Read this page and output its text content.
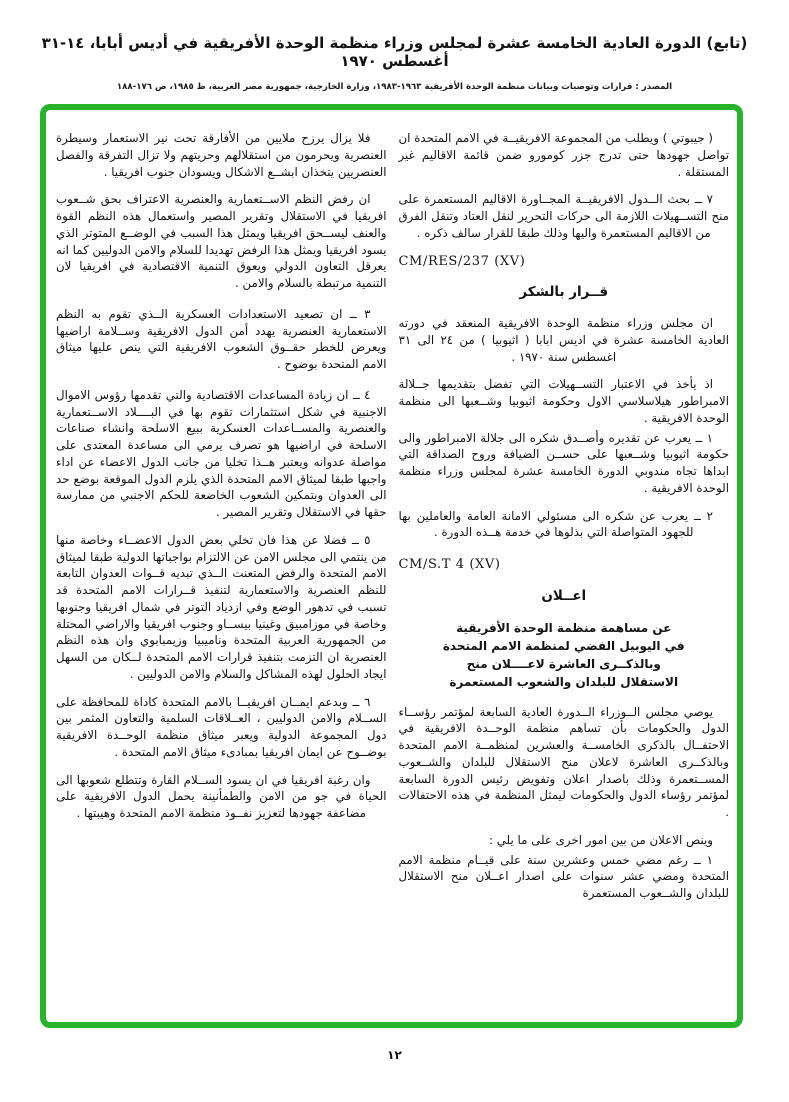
(تابع) الدورة العادية الخامسة عشرة لمجلس وزراء منظمة الوحدة الأفريقية في أديس أبابا، ١٤-٣١ أغسطس ١٩٧٠
المصدر : قرارات وتوصيات وبيانات منظمة الوحدة الأفريقية ١٩٦٣-١٩٨٣، وزارة الخارجية، جمهورية مصر العربية، ط ١٩٨٥، ص ١٧٦-١٨٨

( جيبوتي ) ويطلب من المجموعة الافريقيــة في الامم المتحدة ان تواصل جهودها حتى تدرج جزر كومورو ضمن قائمة الاقاليم غير المستقلة .

٧ ــ بحث الــدول الافريقيــة المجــاورة الاقاليم المستعمرة على منح التســهيلات اللازمة الى حركات التحرير لنقل العتاد وتنقل الفرق من الاقاليم المستعمرة واليها وذلك طبقا للقرار سالف ذكره .

CM/RES/237 (XV)

قــرار بالشكر

ان مجلس وزراء منظمة الوحدة الافريقية المنعقد في دورته العادية الخامسة عشرة في اديس ابابا ( اثيوبيا ) من ٢٤ الى ٣١ اغسطس سنة ١٩٧٠ .

اذ يأخذ في الاعتبار التســهيلات التي تفضل بتقديمها جــلالة الامبراطور هيلاسلاسي الاول وحكومة اثيوبيا وشــعبها الى منظمة الوحدة الافريقية .

١ ــ يعرب عن تقديره وأصــدق شكره الى جلالة الامبراطور والى حكومة اثيوبيا وشــعبها على حســن الضيافة وروح الصداقة التي ابداها تجاه مندوبي الدورة الخامسة عشرة لمجلس وزراء منظمة الوحدة الافريقية .

٢ ــ يعرب عن شكره الى مسئولي الامانة العامة والعاملين بها للجهود المتواصلة التي بذلوها في خدمة هــذه الدورة .

CM/S.T 4 (XV)

اعــلان

عن مساهمة منظمة الوحدة الأفريقية
في اليوبيل الفضي لمنظمة الامم المتحدة
وبالذكــرى العاشرة لاعــــلان منح
الاستقلال للبلدان والشعوب المستعمرة

يوصي مجلس الــوزراء الــدورة العادية السابعة لمؤتمر رؤســاء الدول والحكومات بأن تساهم منظمة الوحــدة الافريقية في الاحتفــال بالذكرى الخامســة والعشرين لمنظمــة الامم المتحدة وبالذكــرى العاشرة لاعلان منح الاستقلال للبلدان والشــعوب المســتعمرة وذلك باصدار اعلان وتفويض رئيس الدورة السابعة لمؤتمر رؤساء الدول والحكومات ليمثل المنظمة في هذه الاحتفالات .

وينص الاعلان من بين امور اخرى على ما يلي :

١ ــ رغم مضي خمس وعشرين سنة على قيــام منظمة الامم المتحدة ومضي عشر سنوات على اصدار اعــلان منح الاستقلال للبلدان والشــعوب المستعمرة

فلا يزال يرزح ملايين من الأفارقة تحت نير الاستعمار وسيطرة العنصرية ويحرمون من استقلالهم وحريتهم ولا تزال التفرقة والفصل العنصريين يتخذان ابشــع الاشكال ويسودان جنوب افريقيا .

ان رفض النظم الاســتعمارية والعنصرية الاعتراف بحق شــعوب افريقيا في الاستقلال وتقرير المصير واستعمال هذه النظم القوة والعنف ليســحق افريقيا ويمثل هذا السبب في الوضــع المتوتر الذي يسود افريقيا ويمثل هذا الرفض تهديدا للسلام والامن الدوليين كما انه يعرقل التعاون الدولي ويعوق التنمية الاقتصادية في افريقيا لان التنمية مرتبطة بالسلام والامن .

٣ ــ ان تصعيد الاستعدادات العسكرية الــذي تقوم به النظم الاستعمارية العنصرية يهدد أمن الدول الافريقية وســلامة اراضيها ويعرض للخطر حقــوق الشعوب الافريقية التي ينص عليها ميثاق الامم المتحدة بوضوح .

٤ ــ ان زيادة المساعدات الاقتصادية والتي تقدمها رؤوس الاموال الاجنبية في شكل استثمارات تقوم بها في البــــلاد الاســتعمارية والعنصرية والمســاعدات العسكرية ببيع الاسلحة وانشاء صناعات الاسلحة في اراضيها هو تصرف يرمي الى مساعدة المعتدى على مواصلة عدوانه ويعتبر هــذا تخليا من جانب الدول الاعضاء عن اداء واجبها طبقا لميثاق الامم المتحدة الذي يلزم الدول الموقعة بوضع حد الى العدوان وبتمكين الشعوب الخاضعة للحكم الاجنبي من ممارسة حقها في الاستقلال وتقرير المصير .

٥ ــ فضلا عن هذا فان تخلي بعض الدول الاعضــاء وخاصة منها من ينتمي الى مجلس الامن عن الالتزام بواجباتها الدولية طبقا لميثاق الامم المتحدة والرفض المتعنت الــذي تبديه قــوات العدوان التابعة للنظم العنصرية والاستعمارية لتنفيذ قــرارات الامم المتحدة قد تسبب في تدهور الوضع وفي ازدياد التوتر في شمال افريقيا وجنوبها وخاصة في موزامبيق وغينيا بيســاو وجنوب افريقيا والاراضي المحتلة من الجمهورية العربية المتحدة وناميبيا وزيمبابوي وان هذه النظم العنصرية ان التزمت بتنفيذ قرارات الامم المتحدة لــكان من السهل ايجاد الحلول لهذه المشاكل والسلام والامن الدوليين .

٦ ــ وبدعم ايمــان افريقيــا بالامم المتحدة كاداة للمحافظة على الســلام والامن الدوليين ، العــلاقات السلمية والتعاون المثمر بين دول المجموعة الدولية ويعبر ميثاق منظمة الوحــدة الافريقية بوضــوح عن ايمان افريقيا بمبادىء ميثاق الامم المتحدة .

وان رغبة افريقيا في ان يسود الســلام القارة وتتطلع شعوبها الى الحياة في جو من الامن والطمأنينة يحمل الدول الافريقية على مضاعفة جهودها لتعزيز نفــوذ منظمة الامم المتحدة وهيبتها .

١٢
